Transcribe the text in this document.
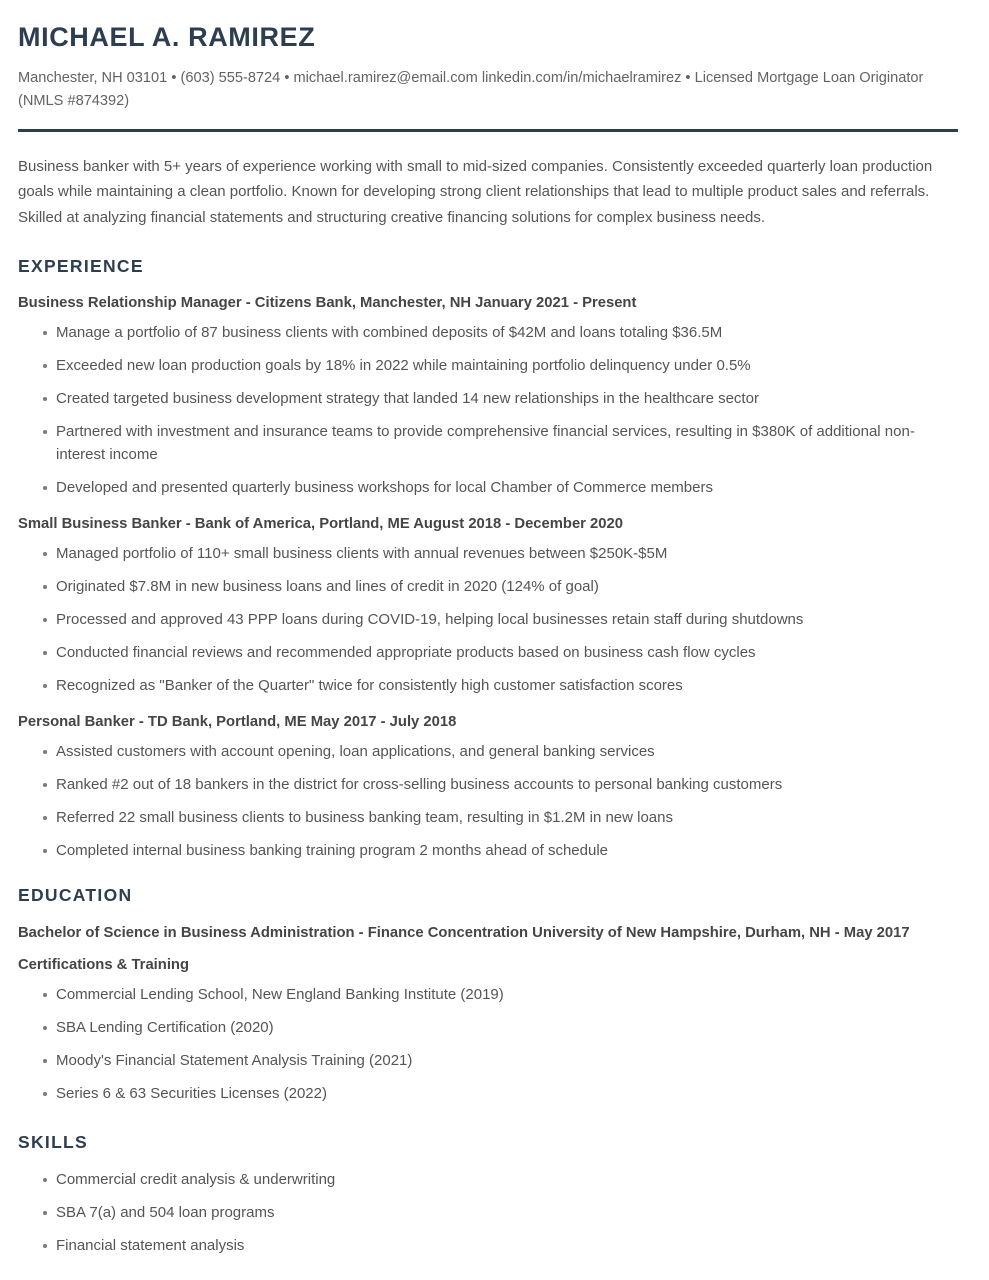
MICHAEL A. RAMIREZ

Manchester, NH 03101 • (603) 555-8724 • michael.ramirez@email.com linkedin.com/in/michaelramirez • Licensed Mortgage Loan Originator (NMLS #874392)

Business banker with 5+ years of experience working with small to mid-sized companies. Consistently exceeded quarterly loan production goals while maintaining a clean portfolio. Known for developing strong client relationships that lead to multiple product sales and referrals. Skilled at analyzing financial statements and structuring creative financing solutions for complex business needs.

EXPERIENCE

Business Relationship Manager - Citizens Bank, Manchester, NH January 2021 - Present

Manage a portfolio of 87 business clients with combined deposits of $42M and loans totaling $36.5M
Exceeded new loan production goals by 18% in 2022 while maintaining portfolio delinquency under 0.5%
Created targeted business development strategy that landed 14 new relationships in the healthcare sector
Partnered with investment and insurance teams to provide comprehensive financial services, resulting in $380K of additional non-interest income
Developed and presented quarterly business workshops for local Chamber of Commerce members

Small Business Banker - Bank of America, Portland, ME August 2018 - December 2020

Managed portfolio of 110+ small business clients with annual revenues between $250K-$5M
Originated $7.8M in new business loans and lines of credit in 2020 (124% of goal)
Processed and approved 43 PPP loans during COVID-19, helping local businesses retain staff during shutdowns
Conducted financial reviews and recommended appropriate products based on business cash flow cycles
Recognized as "Banker of the Quarter" twice for consistently high customer satisfaction scores

Personal Banker - TD Bank, Portland, ME May 2017 - July 2018

Assisted customers with account opening, loan applications, and general banking services
Ranked #2 out of 18 bankers in the district for cross-selling business accounts to personal banking customers
Referred 22 small business clients to business banking team, resulting in $1.2M in new loans
Completed internal business banking training program 2 months ahead of schedule
EDUCATION

Bachelor of Science in Business Administration - Finance Concentration University of New Hampshire, Durham, NH - May 2017

Certifications & Training

Commercial Lending School, New England Banking Institute (2019)
SBA Lending Certification (2020)
Moody's Financial Statement Analysis Training (2021)
Series 6 & 63 Securities Licenses (2022)
SKILLS
Commercial credit analysis & underwriting
SBA 7(a) and 504 loan programs
Financial statement analysis
